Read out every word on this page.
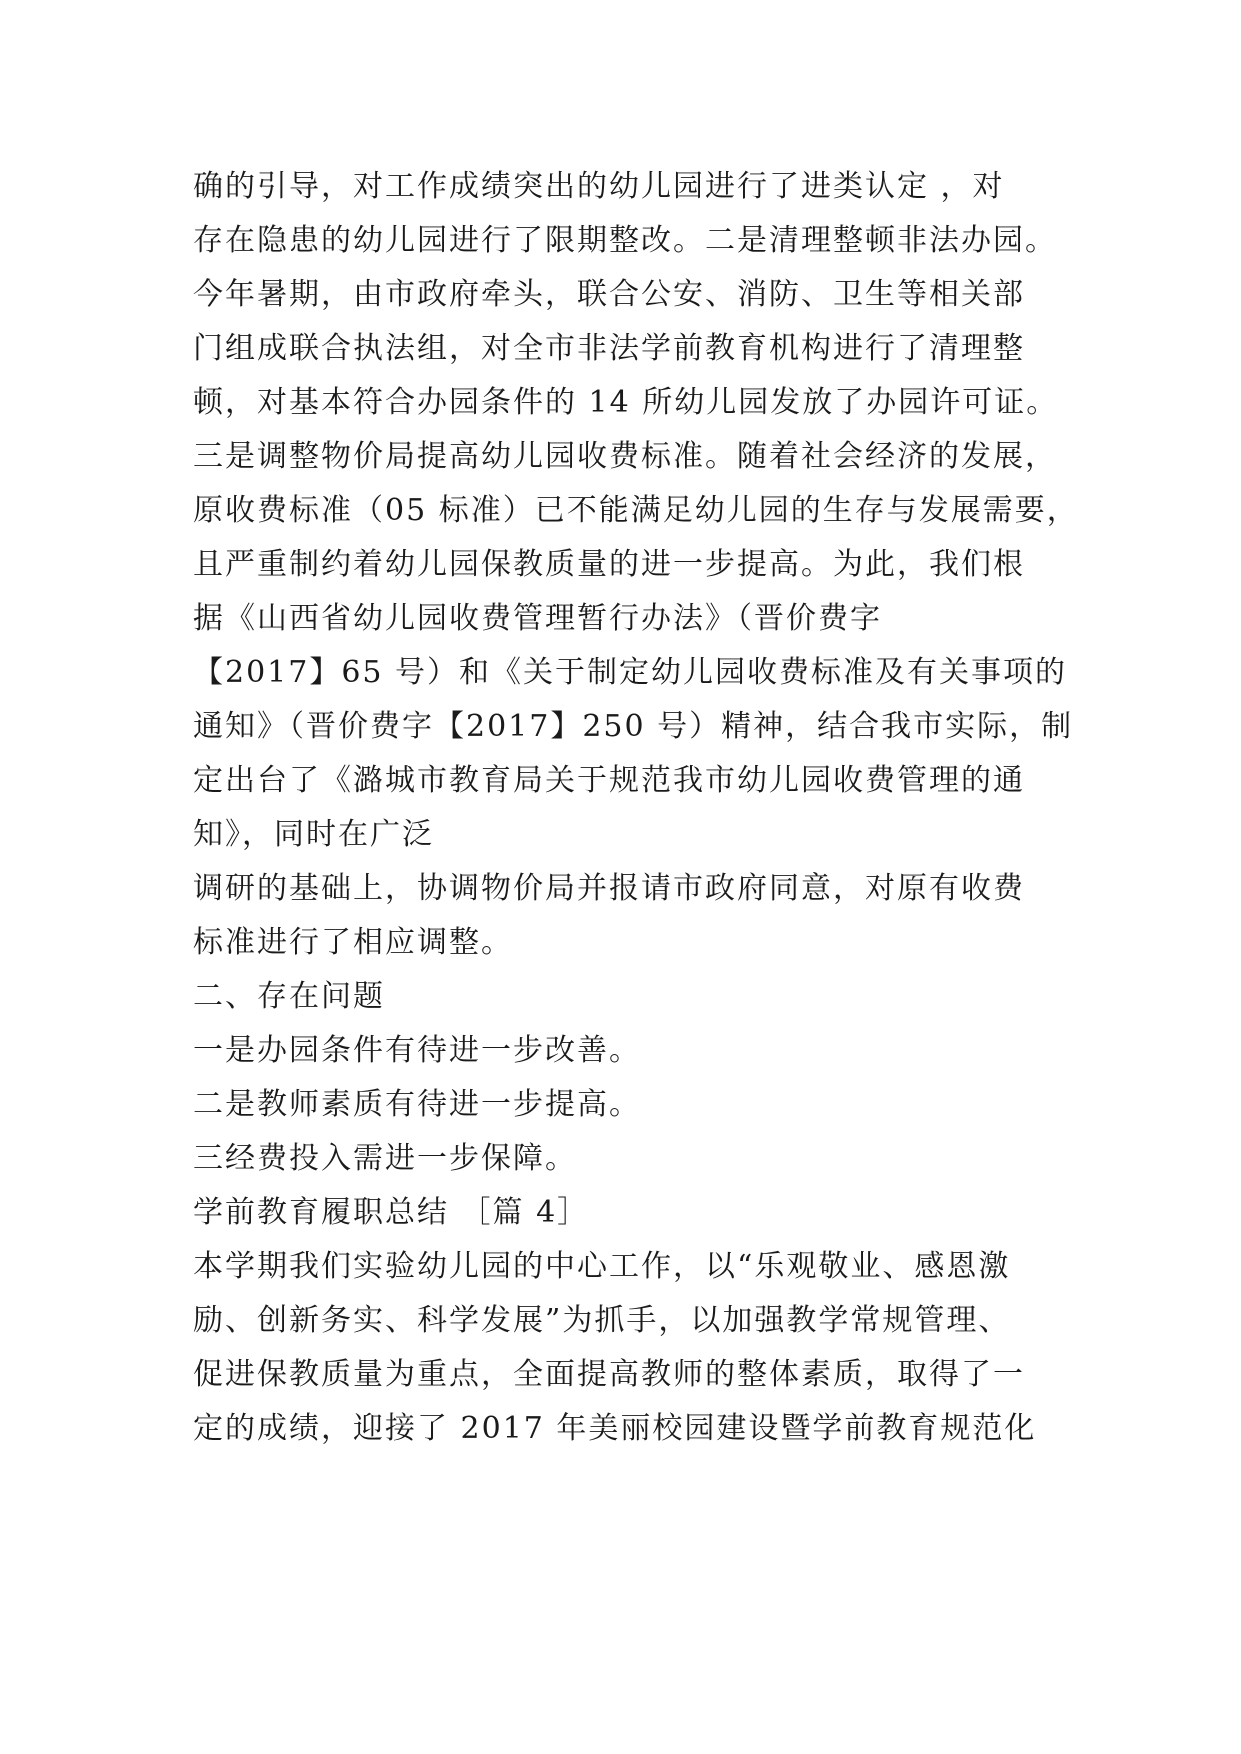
确的引导，对工作成绩突出的幼儿园进行了进类认定 ，对
存在隐患的幼儿园进行了限期整改。二是清理整顿非法办园。
今年暑期，由市政府牵头，联合公安、消防、卫生等相关部
门组成联合执法组，对全市非法学前教育机构进行了清理整
顿，对基本符合办园条件的 14 所幼儿园发放了办园许可证。
三是调整物价局提高幼儿园收费标准。随着社会经济的发展，
原收费标准（05 标准）已不能满足幼儿园的生存与发展需要，
且严重制约着幼儿园保教质量的进一步提高。为此，我们根
据《山西省幼儿园收费管理暂行办法》（晋价费字
【2017】65 号）和《关于制定幼儿园收费标准及有关事项的
通知》（晋价费字【2017】250 号）精神，结合我市实际，制
定出台了《潞城市教育局关于规范我市幼儿园收费管理的通
知》，同时在广泛
调研的基础上，协调物价局并报请市政府同意，对原有收费
标准进行了相应调整。
二、存在问题
一是办园条件有待进一步改善。
二是教师素质有待进一步提高。
三经费投入需进一步保障。
学前教育履职总结 ［篇 4］
本学期我们实验幼儿园的中心工作，以“乐观敬业、感恩激
励、创新务实、科学发展”为抓手，以加强教学常规管理、
促进保教质量为重点，全面提高教师的整体素质，取得了一
定的成绩，迎接了 2017 年美丽校园建设暨学前教育规范化
